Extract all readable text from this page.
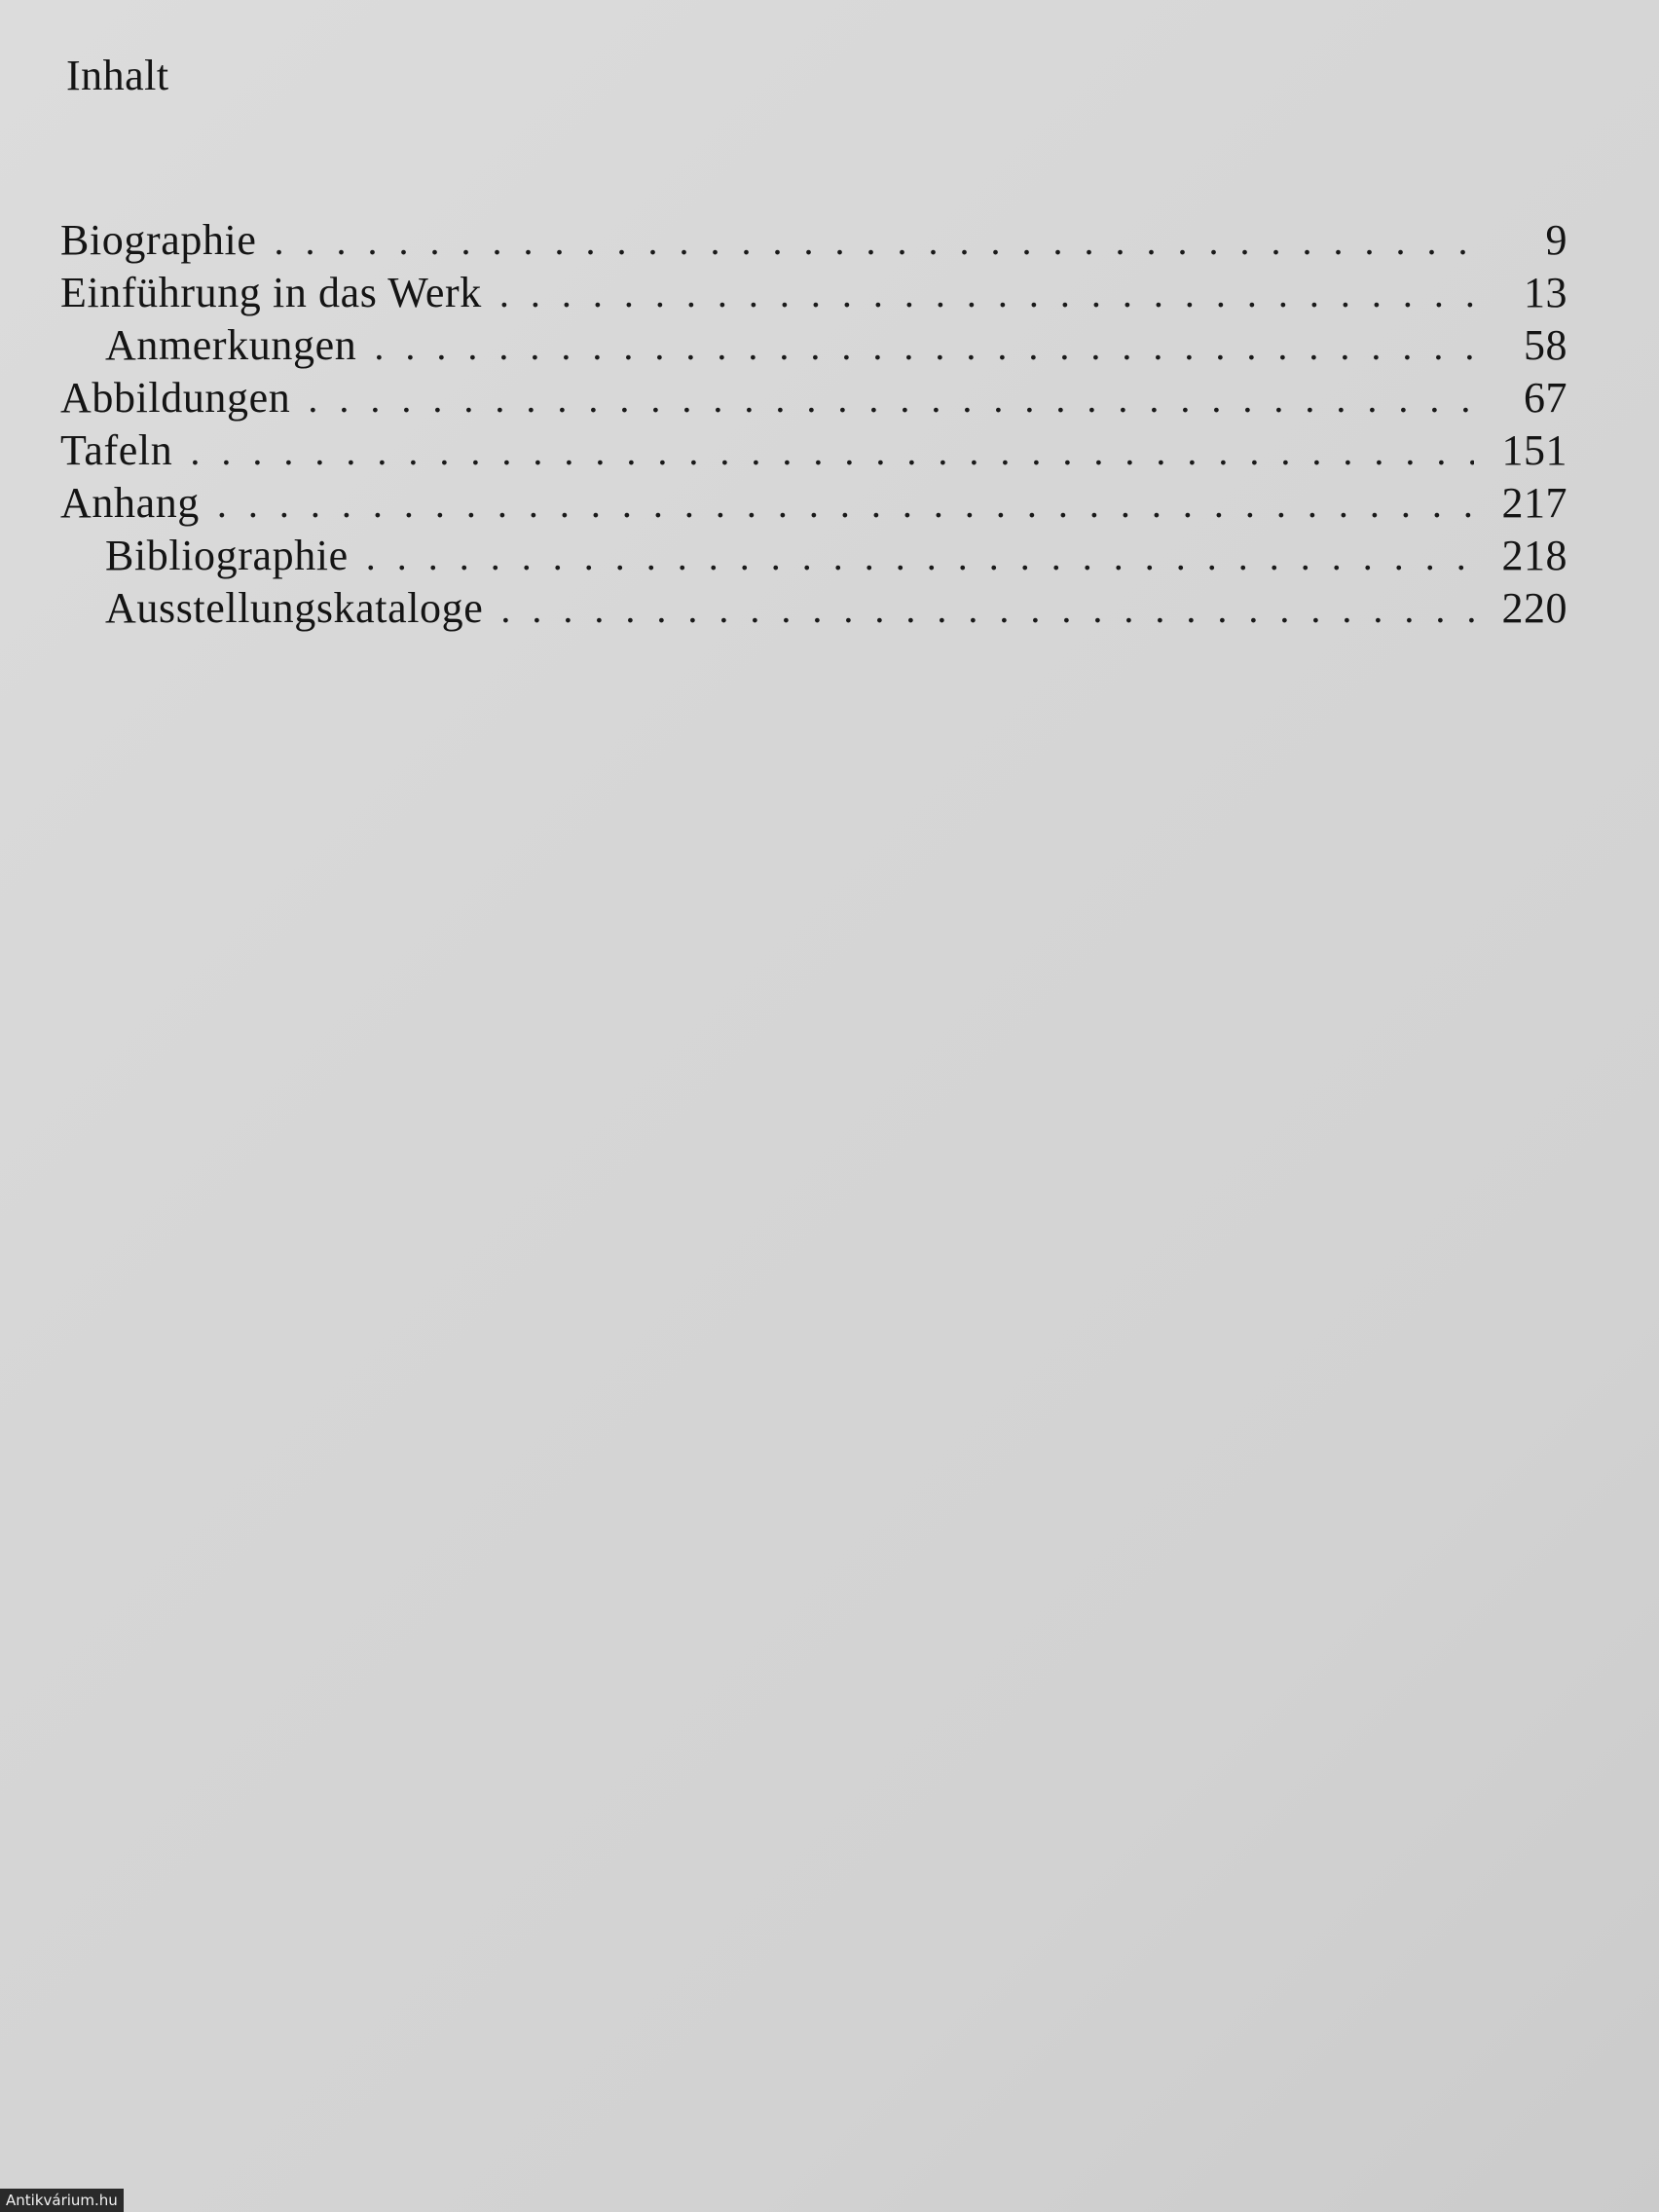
Inhalt
Biographie . . .	9
Einführung in das Werk . . .	13
Anmerkungen . . .	58
Abbildungen . . .	67
Tafeln . . .	151
Anhang . . .	217
Bibliographie . . .	218
Ausstellungskataloge . . .	220
Antikvárium.hu
